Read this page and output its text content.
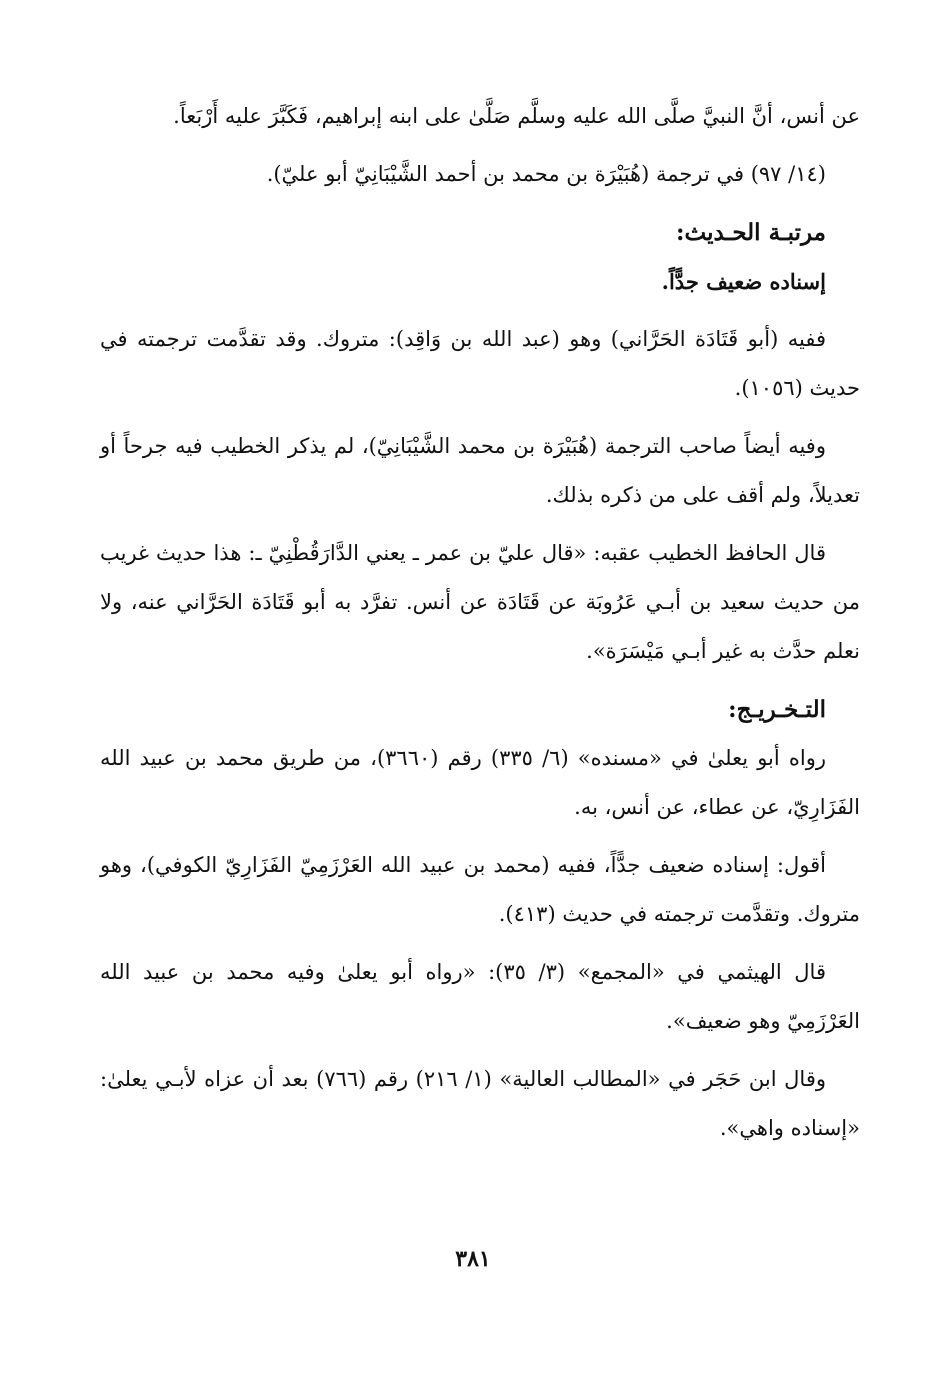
عن أنس، أنَّ النبيَّ صلَّى الله عليه وسلَّم صَلَّىٰ على ابنه إبراهيم، فَكَبَّرَ عليه أَرْبَعاً.

(١٤/ ٩٧) في ترجمة (هُبَيْرَة بن محمد بن أحمد الشَّيْبَانِيّ أبو عليّ).

مرتبـة الحـديث:
إسناده ضعيف جدًّاً.

ففيه (أبو قَتَادَة الحَرَّاني) وهو (عبد الله بن وَاقِد): متروك. وقد تقدَّمت ترجمته في حديث (١٠٥٦).

وفيه أيضاً صاحب الترجمة (هُبَيْرَة بن محمد الشَّيْبَانِيّ)، لم يذكر الخطيب فيه جرحاً أو تعديلاً، ولم أقف على من ذكره بذلك.

قال الحافظ الخطيب عقبه: «قال عليّ بن عمر ـ يعني الدَّارَقُطْنِيّ ـ: هذا حديث غريب من حديث سعيد بن أبـي عَرُوبَة عن قَتَادَة عن أنس. تفرَّد به أبو قَتَادَة الحَرَّاني عنه، ولا نعلم حدَّث به غير أبـي مَيْسَرَة».

التـخـريـج:

رواه أبو يعلىٰ في «مسنده» (٦/ ٣٣٥) رقم (٣٦٦٠)، من طريق محمد بن عبيد الله الفَزَارِيّ، عن عطاء، عن أنس، به.

أقول: إسناده ضعيف جدًّاً، ففيه (محمد بن عبيد الله العَرْزَمِيّ الفَزَارِيّ الكوفي)، وهو متروك. وتقدَّمت ترجمته في حديث (٤١٣).

قال الهيثمي في «المجمع» (٣/ ٣٥): «رواه أبو يعلىٰ وفيه محمد بن عبيد الله العَرْزَمِيّ وهو ضعيف».

وقال ابن حَجَر في «المطالب العالية» (١/ ٢١٦) رقم (٧٦٦) بعد أن عزاه لأبـي يعلىٰ: «إسناده واهي».

٣٨١
